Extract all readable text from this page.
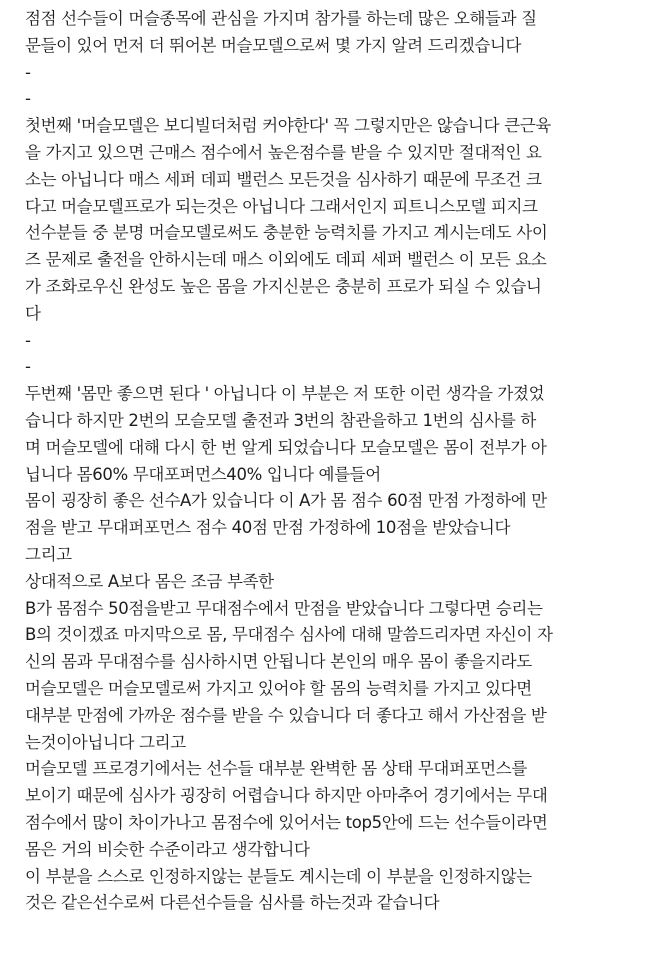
점점 선수들이 머슬종목에 관심을 가지며 참가를 하는데 많은 오해들과 질
문들이 있어 먼저 더 뛰어본 머슬모델으로써 몇 가지 알려 드리겠습니다
-
-
첫번째 '머슬모델은 보디빌더처럼 커야한다' 꼭 그렇지만은 않습니다 큰근육
을 가지고 있으면 근매스 점수에서 높은점수를 받을 수 있지만 절대적인 요
소는 아닙니다 매스 세퍼 데피 밸런스 모든것을 심사하기 때문에 무조건 크
다고 머슬모델프로가 되는것은 아닙니다 그래서인지 피트니스모델 피지크
선수분들 중 분명 머슬모델로써도 충분한 능력치를 가지고 계시는데도 사이
즈 문제로 출전을 안하시는데 매스 이외에도 데피 세퍼 밸런스 이 모든 요소
가 조화로우신 완성도 높은 몸을 가지신분은 충분히 프로가 되실 수 있습니
다
-
-
두번째 '몸만 좋으면 된다 ' 아닙니다 이 부분은 저 또한 이런 생각을 가졌었
습니다 하지만 2번의 모슬모델 출전과 3번의 참관을하고 1번의 심사를 하
며 머슬모델에 대해 다시 한 번 알게 되었습니다 모슬모델은 몸이 전부가 아
닙니다 몸60% 무대포퍼먼스40% 입니다 예를들어
몸이 굉장히 좋은 선수A가 있습니다 이 A가 몸 점수 60점 만점 가정하에 만
점을 받고 무대퍼포먼스 점수 40점 만점 가정하에 10점을 받았습니다
그리고
상대적으로 A보다 몸은 조금 부족한
B가 몸점수 50점을받고 무대점수에서 만점을 받았습니다 그렇다면 승리는
B의 것이겠죠 마지막으로 몸, 무대점수 심사에 대해 말씀드리자면 자신이 자
신의 몸과 무대점수를 심사하시면 안됩니다 본인의 매우 몸이 좋을지라도
머슬모델은 머슬모델로써 가지고 있어야 할 몸의 능력치를 가지고 있다면
대부분 만점에 가까운 점수를 받을 수 있습니다 더 좋다고 해서 가산점을 받
는것이아닙니다 그리고
머슬모델 프로경기에서는 선수들 대부분 완벽한 몸 상태 무대퍼포먼스를
보이기 때문에 심사가 굉장히 어렵습니다 하지만 아마추어 경기에서는 무대
점수에서 많이 차이가나고 몸점수에 있어서는 top5안에 드는 선수들이라면
몸은 거의 비슷한 수준이라고 생각합니다
이 부분을 스스로 인정하지않는 분들도 계시는데 이 부분을 인정하지않는
것은 같은선수로써 다른선수들을 심사를 하는것과 같습니다
